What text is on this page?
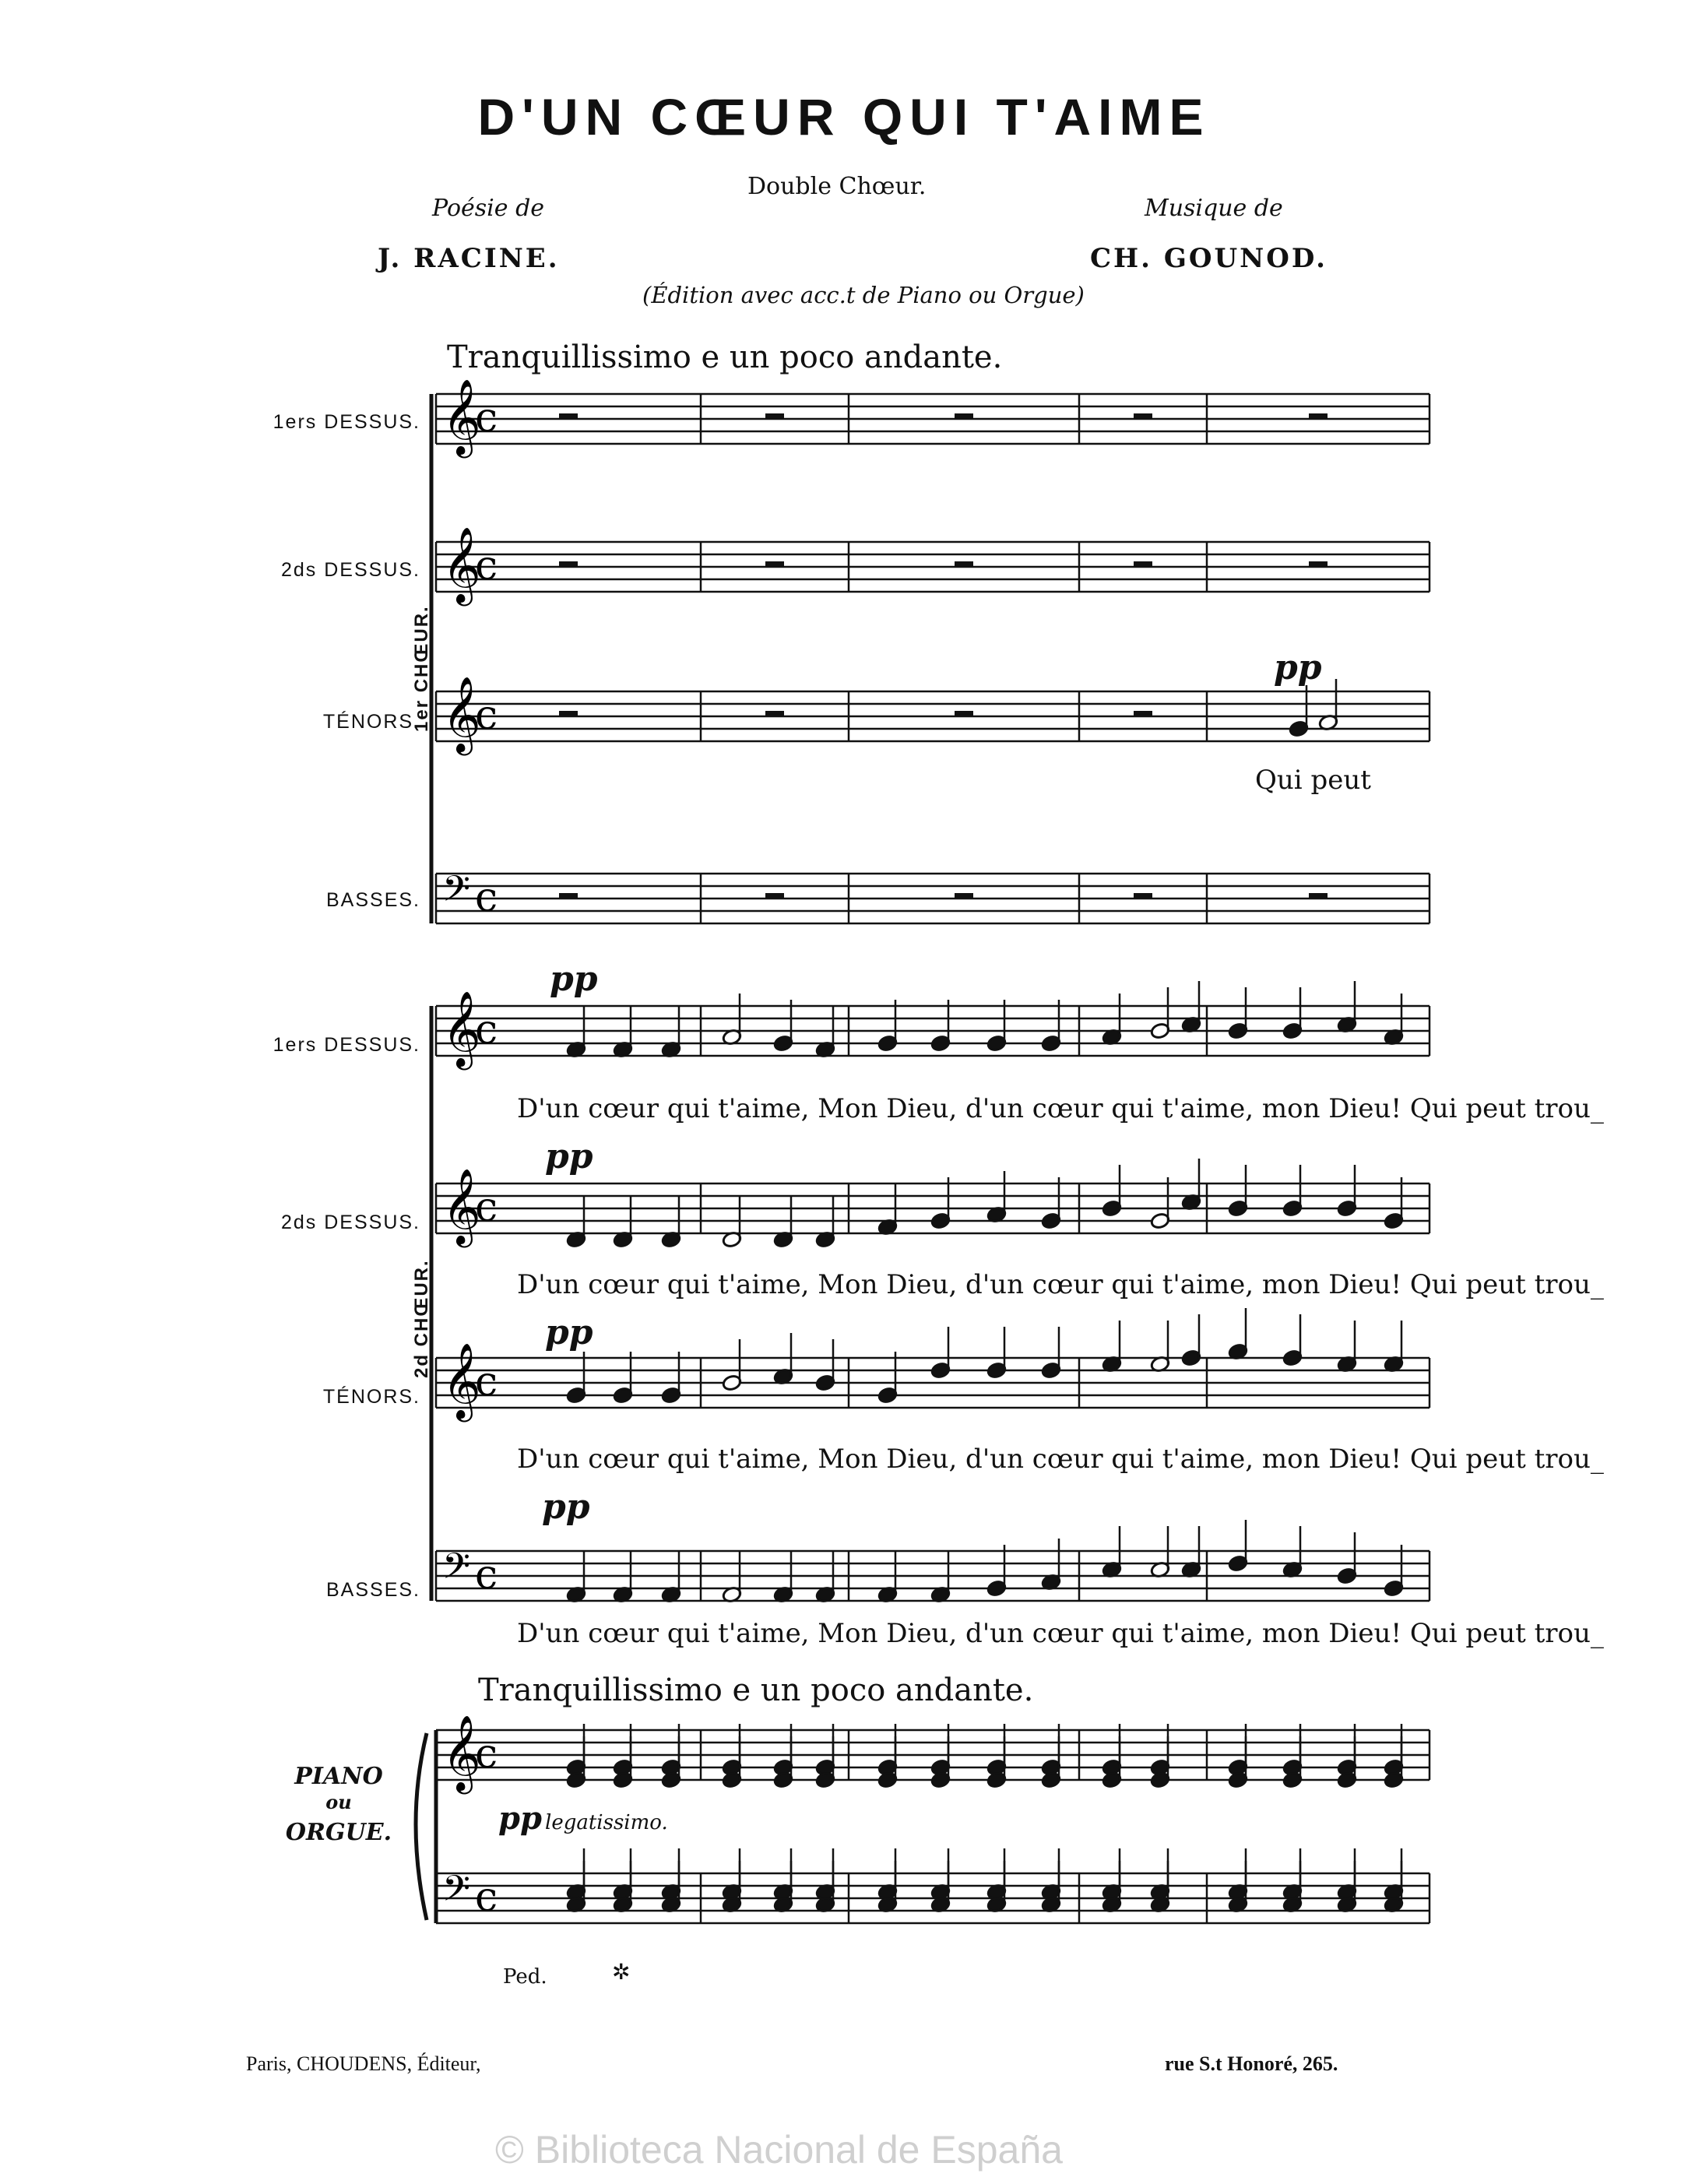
D'UN CŒUR QUI T'AIME
Double Chœur.
Poésie de	Musique de
J. RACINE.	CH. GOUNOD.
(Édition avec acc.t de Piano ou Orgue)
Tranquillissimo e un poco andante.
1ers DESSUS.
2ds DESSUS.
TÉNORS.
BASSES.
1er CHŒUR.
1ers DESSUS.
2ds DESSUS.
TÉNORS.
BASSES.
2d CHŒUR.
pp
pp
pp
pp
pp
Qui peut
D'un cœur qui t'aime, Mon Dieu, d'un cœur qui t'aime, mon Dieu! Qui peut trou_
D'un cœur qui t'aime, Mon Dieu, d'un cœur qui t'aime, mon Dieu! Qui peut trou_
D'un cœur qui t'aime, Mon Dieu, d'un cœur qui t'aime, mon Dieu! Qui peut trou_
D'un cœur qui t'aime, Mon Dieu, d'un cœur qui t'aime, mon Dieu! Qui peut trou_
Tranquillissimo e un poco andante.
PIANO
ou
ORGUE.	pp legatissimo.
Ped.	✲
Paris, CHOUDENS, Éditeur,	rue S.t Honoré, 265.
© Biblioteca Nacional de España
𝄞
c
𝄞
c
𝄞
c
𝄢 c
𝄞
c
𝄞
c
𝄞
c
𝄢 c
𝄞
c
𝄢 c
